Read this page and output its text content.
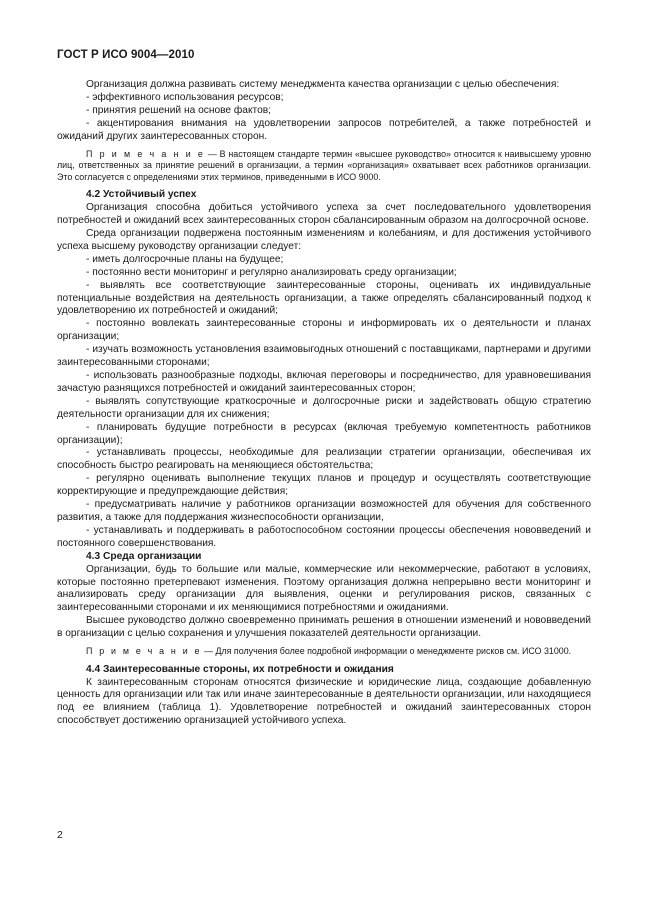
ГОСТ Р ИСО 9004—2010

Организация должна развивать систему менеджмента качества организации с целью обеспечения:

- эффективного использования ресурсов;

- принятия решений на основе фактов;

- акцентирования внимания на удовлетворении запросов потребителей, а также потребностей и ожиданий других заинтересованных сторон.

П р и м е ч а н и е — В настоящем стандарте термин «высшее руководство» относится к наивысшему уровню лиц, ответственных за принятие решений в организации, а термин «организация» охватывает всех работников организации. Это согласуется с определениями этих терминов, приведенными в ИСО 9000.

4.2 Устойчивый успех

Организация способна добиться устойчивого успеха за счет последовательного удовлетворения потребностей и ожиданий всех заинтересованных сторон сбалансированным образом на долгосрочной основе.

Среда организации подвержена постоянным изменениям и колебаниям, и для достижения устойчивого успеха высшему руководству организации следует:

- иметь долгосрочные планы на будущее;

- постоянно вести мониторинг и регулярно анализировать среду организации;

- выявлять все соответствующие заинтересованные стороны, оценивать их индивидуальные потенциальные воздействия на деятельность организации, а также определять сбалансированный подход к удовлетворению их потребностей и ожиданий;

- постоянно вовлекать заинтересованные стороны и информировать их о деятельности и планах организации;

- изучать возможность установления взаимовыгодных отношений с поставщиками, партнерами и другими заинтересованными сторонами;

- использовать разнообразные подходы, включая переговоры и посредничество, для уравновешивания зачастую разнящихся потребностей и ожиданий заинтересованных сторон;

- выявлять сопутствующие краткосрочные и долгосрочные риски и задействовать общую стратегию деятельности организации для их снижения;

- планировать будущие потребности в ресурсах (включая требуемую компетентность работников организации);

- устанавливать процессы, необходимые для реализации стратегии организации, обеспечивая их способность быстро реагировать на меняющиеся обстоятельства;

- регулярно оценивать выполнение текущих планов и процедур и осуществлять соответствующие корректирующие и предупреждающие действия;

- предусматривать наличие у работников организации возможностей для обучения для собственного развития, а также для поддержания жизнеспособности организации,

- устанавливать и поддерживать в работоспособном состоянии процессы обеспечения нововведений и постоянного совершенствования.

4.3 Среда организации

Организации, будь то большие или малые, коммерческие или некоммерческие, работают в условиях, которые постоянно претерпевают изменения. Поэтому организация должна непрерывно вести мониторинг и анализировать среду организации для выявления, оценки и регулирования рисков, связанных с заинтересованными сторонами и их меняющимися потребностями и ожиданиями.

Высшее руководство должно своевременно принимать решения в отношении изменений и нововведений в организации с целью сохранения и улучшения показателей деятельности организации.

П р и м е ч а н и е — Для получения более подробной информации о менеджменте рисков см. ИСО 31000.

4.4 Заинтересованные стороны, их потребности и ожидания

К заинтересованным сторонам относятся физические и юридические лица, создающие добавленную ценность для организации или так или иначе заинтересованные в деятельности организации, или находящиеся под ее влиянием (таблица 1). Удовлетворение потребностей и ожиданий заинтересованных сторон способствует достижению организацией устойчивого успеха.

2
